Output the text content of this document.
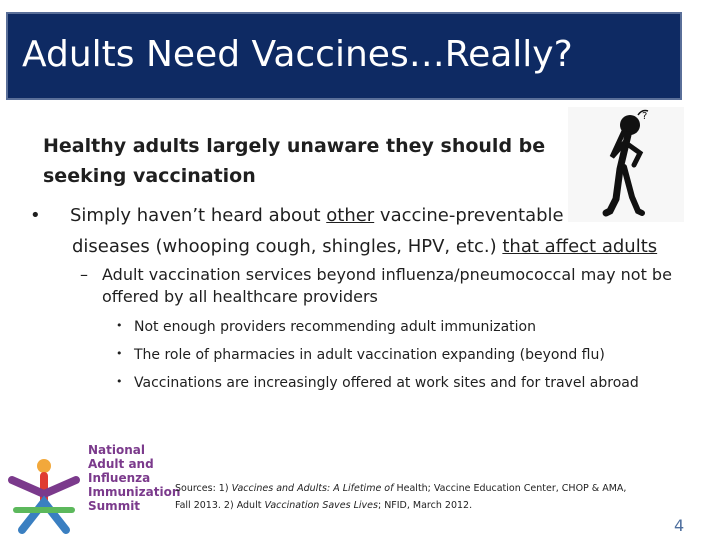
Adults Need Vaccines…Really?
?
Healthy adults largely unaware they should be
seeking vaccination
•	Simply haven’t heard about other vaccine-preventable
diseases (whooping cough, shingles, HPV, etc.) that affect adults
– Adult vaccination services beyond influenza/pneumococcal may not be offered by all healthcare providers
• Not enough providers recommending adult immunization
• The role of pharmacies in adult vaccination expanding (beyond flu)
• Vaccinations are increasingly offered at work sites and for travel abroad
National
Adult and
Influenza
Immunization
Summit
Sources: 1) Vaccines and Adults: A Lifetime of Health; Vaccine Education Center, CHOP & AMA,
Fall 2013. 2) Adult Vaccination Saves Lives; NFID, March 2012.
4
